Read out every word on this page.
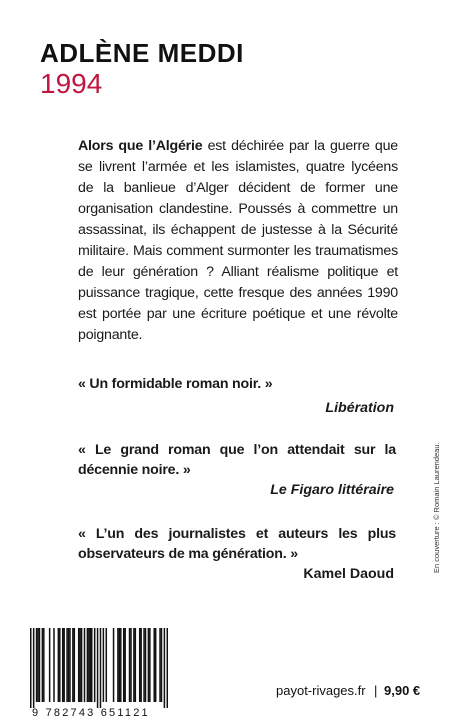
ADLÈNE MEDDI
1994
Alors que l’Algérie est déchirée par la guerre que se livrent l’armée et les islamistes, quatre lycéens de la banlieue d’Alger décident de former une organisation clandestine. Poussés à commettre un assassinat, ils échappent de justesse à la Sécurité militaire. Mais comment surmonter les traumatismes de leur génération ? Alliant réalisme politique et puissance tragique, cette fresque des années 1990 est portée par une écriture poétique et une révolte poignante.
« Un formidable roman noir. »
Libération
« Le grand roman que l’on attendait sur la décennie noire. »
Le Figaro littéraire
« L’un des journalistes et auteurs les plus observateurs de ma génération. »
Kamel Daoud
9 782743 651121
payot-rivages.fr | 9,90 €
En couverture : © Romain Laurendeau.
